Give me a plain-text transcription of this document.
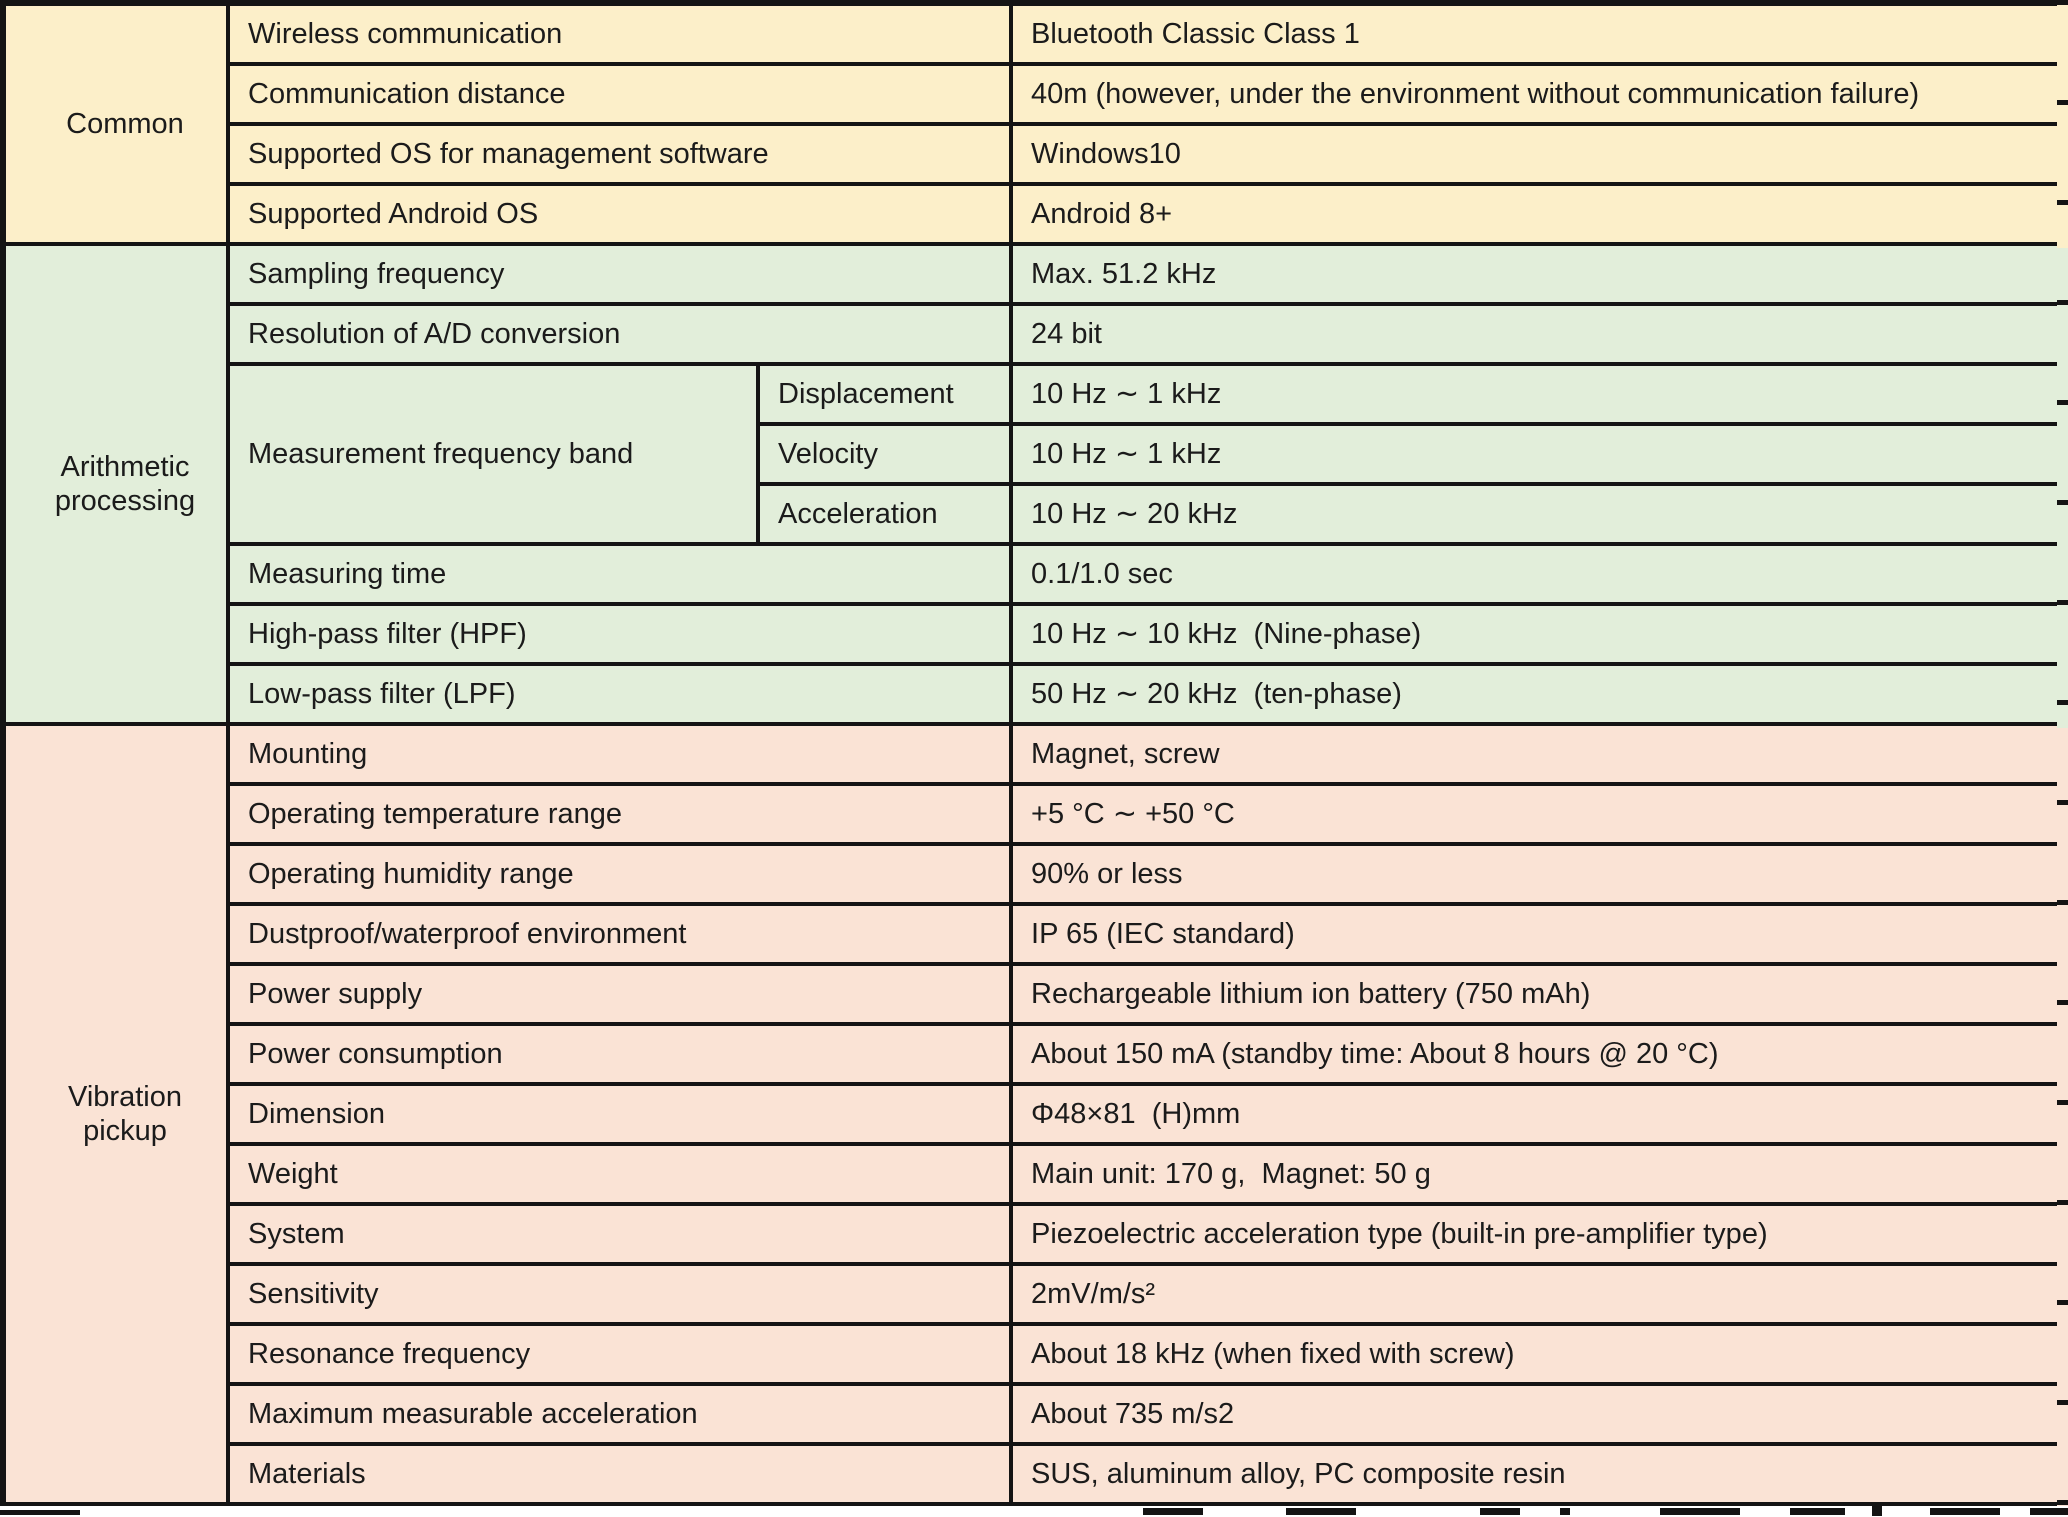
Common	Wireless communication		Bluetooth Classic Class 1
	Communication distance		40m (however, under the environment without communication failure)
	Supported OS for management software		Windows10
	Supported Android OS		Android 8+
Arithmetic processing	Sampling frequency		Max. 51.2 kHz
	Resolution of A/D conversion		24 bit
	Measurement frequency band	Displacement	10 Hz ∼ 1 kHz
		Velocity	10 Hz ∼ 1 kHz
		Acceleration	10 Hz ∼ 20 kHz
	Measuring time		0.1/1.0 sec
	High-pass filter (HPF)		10 Hz ∼ 10 kHz  (Nine-phase)
	Low-pass filter (LPF)		50 Hz ∼ 20 kHz  (ten-phase)
Vibration pickup	Mounting		Magnet, screw
	Operating temperature range		+5 °C ∼ +50 °C
	Operating humidity range		90% or less
	Dustproof/waterproof environment		IP 65 (IEC standard)
	Power supply		Rechargeable lithium ion battery (750 mAh)
	Power consumption		About 150 mA (standby time: About 8 hours @ 20 °C)
	Dimension		Φ48×81  (H)mm
	Weight		Main unit: 170 g,  Magnet: 50 g
	System		Piezoelectric acceleration type (built-in pre-amplifier type)
	Sensitivity		2mV/m/s²
	Resonance frequency		About 18 kHz (when fixed with screw)
	Maximum measurable acceleration		About 735 m/s2
	Materials		SUS, aluminum alloy, PC composite resin
